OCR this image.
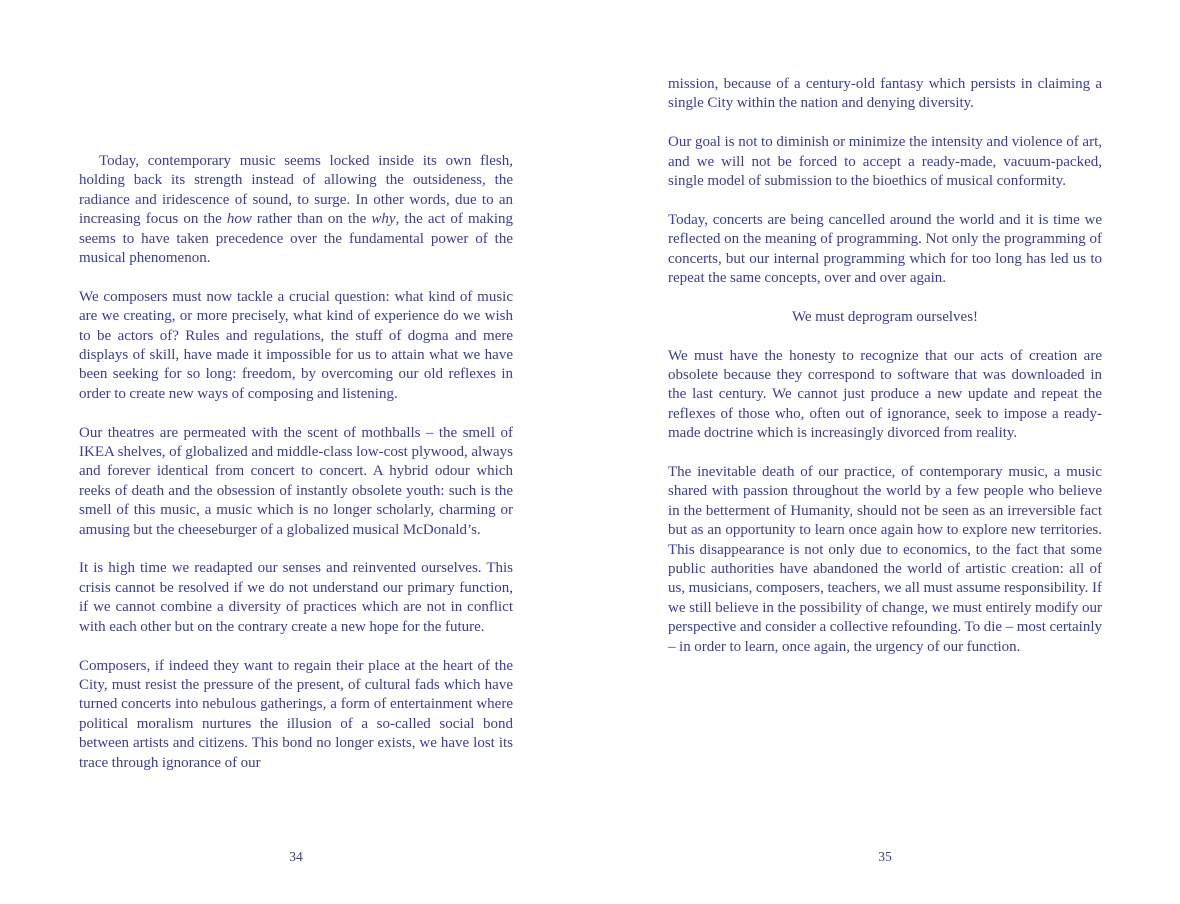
Today, contemporary music seems locked inside its own flesh, holding back its strength instead of allowing the outsideness, the radiance and iridescence of sound, to surge. In other words, due to an increasing focus on the how rather than on the why, the act of making seems to have taken precedence over the fundamental power of the musical phenomenon.

We composers must now tackle a crucial question: what kind of music are we creating, or more precisely, what kind of experience do we wish to be actors of? Rules and regulations, the stuff of dogma and mere displays of skill, have made it impossible for us to attain what we have been seeking for so long: freedom, by overcoming our old reflexes in order to create new ways of composing and listening.

Our theatres are permeated with the scent of mothballs – the smell of IKEA shelves, of globalized and middle-class low-cost plywood, always and forever identical from concert to concert. A hybrid odour which reeks of death and the obsession of instantly obsolete youth: such is the smell of this music, a music which is no longer scholarly, charming or amusing but the cheeseburger of a globalized musical McDonald’s.

It is high time we readapted our senses and reinvented ourselves. This crisis cannot be resolved if we do not understand our primary function, if we cannot combine a diversity of practices which are not in conflict with each other but on the contrary create a new hope for the future.

Composers, if indeed they want to regain their place at the heart of the City, must resist the pressure of the present, of cultural fads which have turned concerts into nebulous gatherings, a form of entertainment where political moralism nurtures the illusion of a so-called social bond between artists and citizens. This bond no longer exists, we have lost its trace through ignorance of our

34

mission, because of a century-old fantasy which persists in claiming a single City within the nation and denying diversity.

Our goal is not to diminish or minimize the intensity and violence of art, and we will not be forced to accept a ready-made, vacuum-packed, single model of submission to the bioethics of musical conformity.

Today, concerts are being cancelled around the world and it is time we reflected on the meaning of programming. Not only the programming of concerts, but our internal programming which for too long has led us to repeat the same concepts, over and over again.

We must deprogram ourselves!

We must have the honesty to recognize that our acts of creation are obsolete because they correspond to software that was downloaded in the last century. We cannot just produce a new update and repeat the reflexes of those who, often out of ignorance, seek to impose a ready-made doctrine which is increasingly divorced from reality.

The inevitable death of our practice, of contemporary music, a music shared with passion throughout the world by a few people who believe in the betterment of Humanity, should not be seen as an irreversible fact but as an opportunity to learn once again how to explore new territories. This disappearance is not only due to economics, to the fact that some public authorities have abandoned the world of artistic creation: all of us, musicians, composers, teachers, we all must assume responsibility. If we still believe in the possibility of change, we must entirely modify our perspective and consider a collective refounding. To die – most certainly – in order to learn, once again, the urgency of our function.

35
